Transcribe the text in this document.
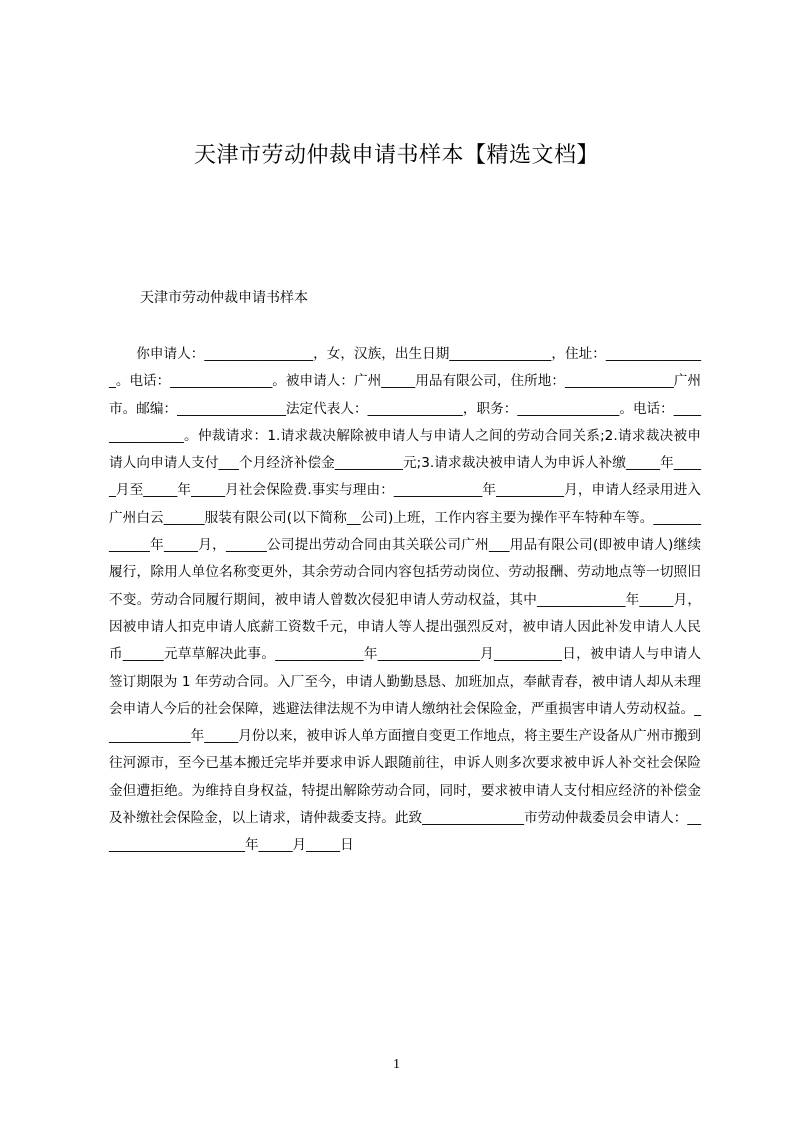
天津市劳动仲裁申请书样本【精选文档】
天津市劳动仲裁申请书样本
你申请人：________________，女，汉族，出生日期_______________，住址：_______________。电话：_______________。被申请人：广州_____用品有限公司，住所地：________________广州市。邮编：________________法定代表人：______________，职务：_______________。电话：_______________。仲裁请求：1.请求裁决解除被申请人与申请人之间的劳动合同关系;2.请求裁决被申请人向申请人支付___个月经济补偿金__________元;3.请求裁决被申请人为申诉人补缴_____年_____月至_____年_____月社会保险费.事实与理由：_____________年__________月，申请人经录用进入广州白云______服装有限公司(以下简称__公司)上班，工作内容主要为操作平车特种车等。_____________年_____月，______公司提出劳动合同由其关联公司广州___用品有限公司(即被申请人)继续履行，除用人单位名称变更外，其余劳动合同内容包括劳动岗位、劳动报酬、劳动地点等一切照旧不变。劳动合同履行期间，被申请人曾数次侵犯申请人劳动权益，其中_____________年_____月，因被申请人扣克申请人底薪工资数千元，申请人等人提出强烈反对，被申请人因此补发申请人人民币______元草草解决此事。_____________年_______________月__________日，被申请人与申请人签订期限为 1 年劳动合同。入厂至今，申请人勤勤恳恳、加班加点，奉献青春，被申请人却从未理会申请人今后的社会保障，逃避法律法规不为申请人缴纳社会保险金，严重损害申请人劳动权益。_____________年_____月份以来，被申诉人单方面擅自变更工作地点，将主要生产设备从广州市搬到往河源市，至今已基本搬迁完毕并要求申诉人跟随前往，申诉人则多次要求被申诉人补交社会保险金但遭拒绝。为维持自身权益，特提出解除劳动合同，同时，要求被申请人支付相应经济的补偿金及补缴社会保险金，以上请求，请仲裁委支持。此致_______________市劳动仲裁委员会申请人：______________________年_____月_____日
1
